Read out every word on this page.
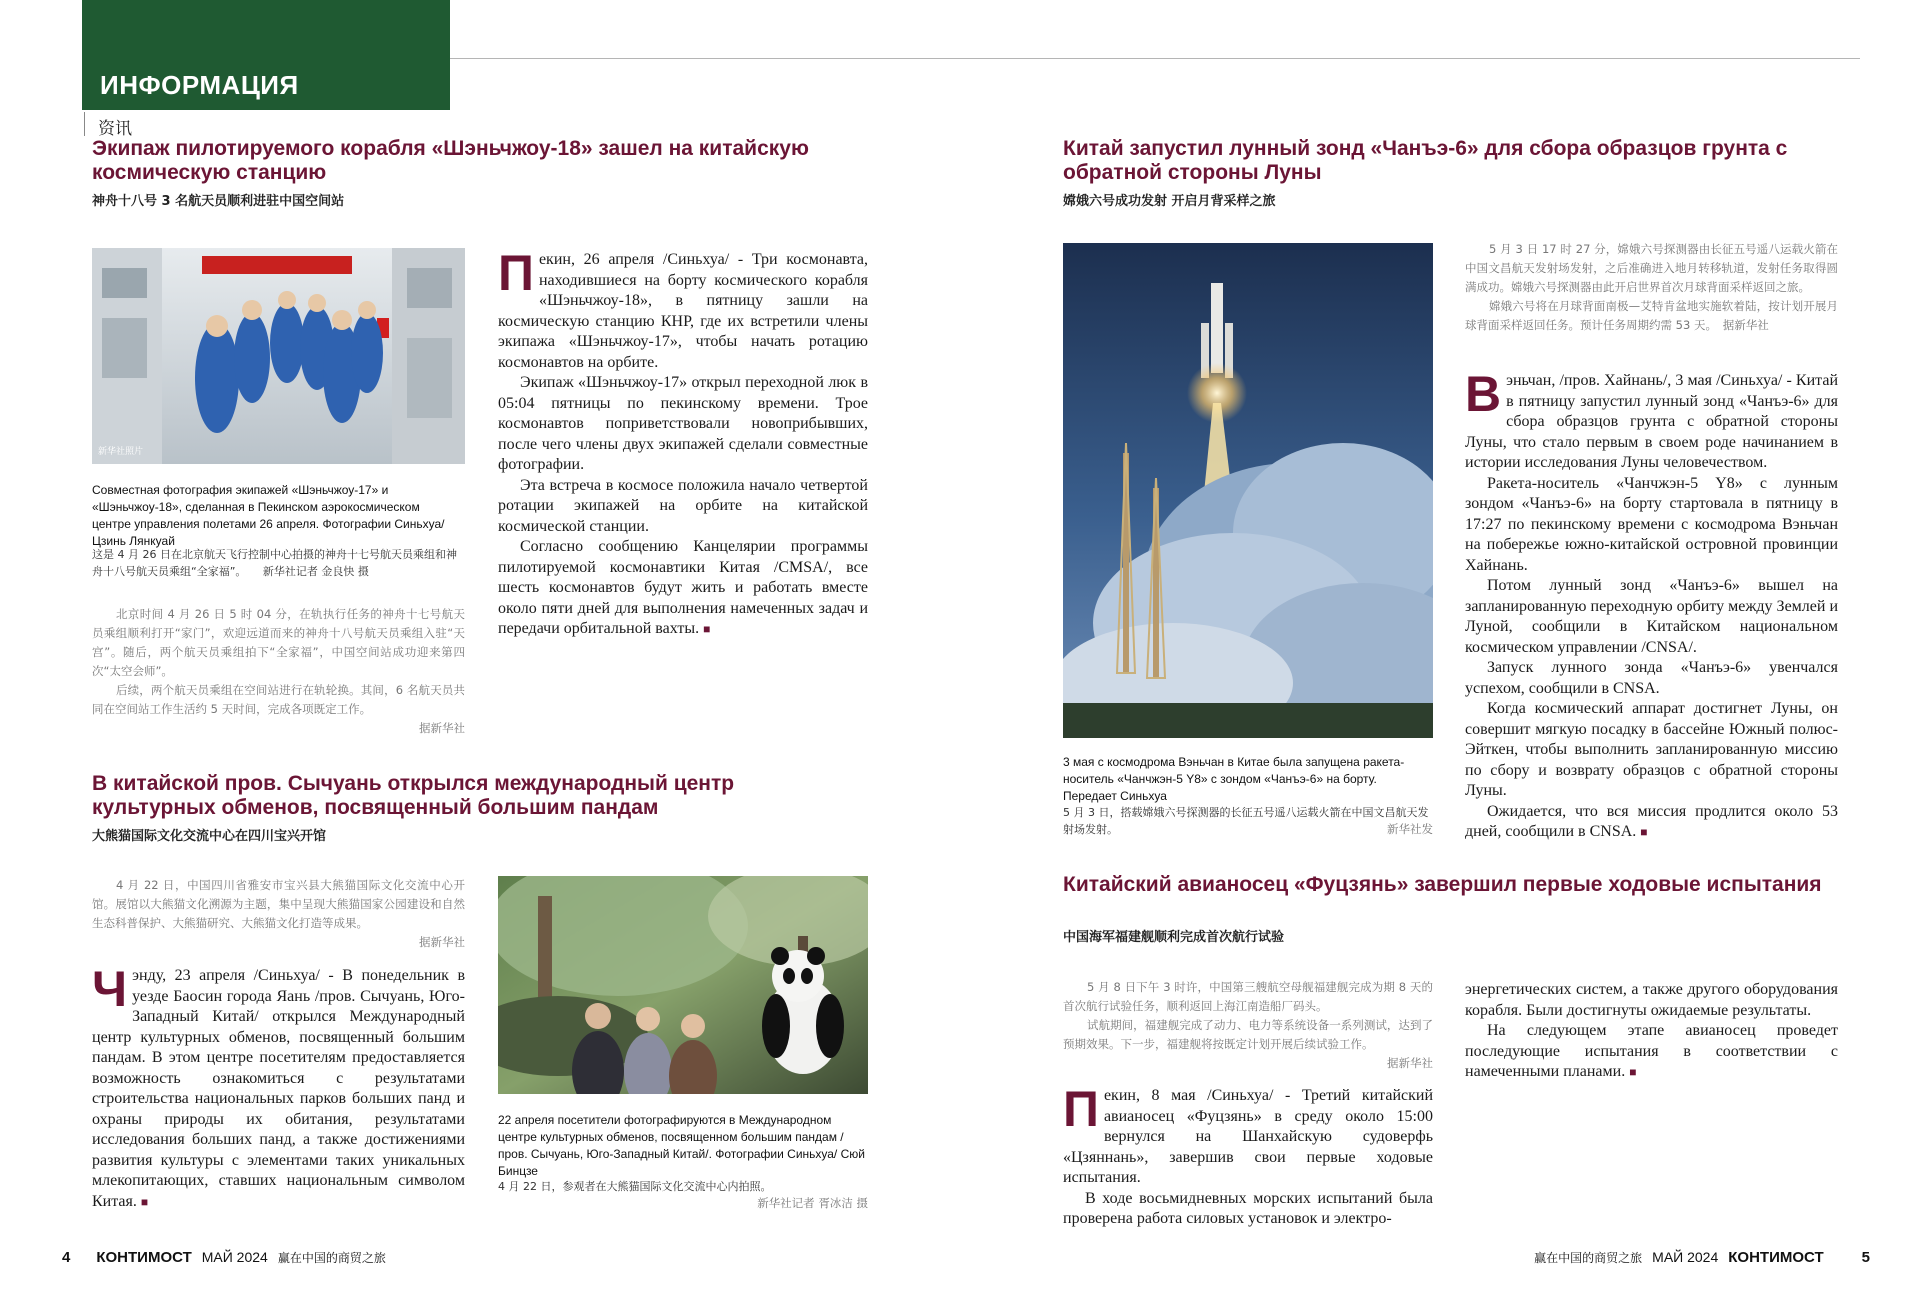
ИНФОРМАЦИЯ
资讯
Экипаж пилотируемого корабля «Шэньчжоу-18» зашел на китайскую космическую станцию
神舟十八号 3 名航天员顺利进驻中国空间站
新华社照片
Совместная фотография экипажей «Шэньчжоу-17» и «Шэньчжоу-18», сделанная в Пекинском аэрокосмическом центре управления полетами 26 апреля. Фотографии Синьхуа/ Цзинь Лянкуай
这是 4 月 26 日在北京航天飞行控制中心拍摄的神舟十七号航天员乘组和神舟十八号航天员乘组“全家福”。　　新华社记者 金良快 摄

北京时间 4 月 26 日 5 时 04 分，在轨执行任务的神舟十七号航天员乘组顺利打开“家门”，欢迎远道而来的神舟十八号航天员乘组入驻“天宫”。随后，两个航天员乘组拍下“全家福”，中国空间站成功迎来第四次“太空会师”。

后续，两个航天员乘组在空间站进行在轨轮换。其间，6 名航天员共同在空间站工作生活约 5 天时间，完成各项既定工作。

据新华社

Пекин, 26 апреля /Синьхуа/ - Три космонавта, находившиеся на борту космического корабля «Шэньчжоу-18», в пятницу зашли на космическую станцию КНР, где их встретили члены экипажа «Шэньчжоу-17», чтобы начать ротацию космонавтов на орбите.

Экипаж «Шэньчжоу-17» открыл переходной люк в 05:04 пятницы по пекинскому времени. Трое космонавтов поприветствовали новоприбывших, после чего члены двух экипажей сделали совместные фотографии.

Эта встреча в космосе положила начало четвертой ротации экипажей на орбите на китайской космической станции.

Согласно сообщению Канцелярии программы пилотируемой космонавтики Китая /CMSA/, все шесть космонавтов будут жить и работать вместе около пяти дней для выполнения намеченных задач и передачи орбитальной вахты. ■

В китайской пров. Сычуань открылся международный центр культурных обменов, посвященный большим пандам
大熊猫国际文化交流中心在四川宝兴开馆

4 月 22 日，中国四川省雅安市宝兴县大熊猫国际文化交流中心开馆。展馆以大熊猫文化溯源为主题，集中呈现大熊猫国家公园建设和自然生态科普保护、大熊猫研究、大熊猫文化打造等成果。

据新华社

Чэнду, 23 апреля /Синьхуа/ - В понедельник в уезде Баосин города Яань /пров. Сычуань, Юго-Западный Китай/ открылся Международный центр культурных обменов, посвященный большим пандам. В этом центре посетителям предоставляется возможность ознакомиться с результатами строительства национальных парков больших панд и охраны природы их обитания, результатами исследования больших панд, а также достижениями развития культуры с элементами таких уникальных млекопитающих, ставших национальным символом Китая. ■

22 апреля посетители фотографируются в Международном центре культурных обменов, посвященном большим пандам /пров. Сычуань, Юго-Западный Китай/. Фотографии Синьхуа/ Сюй Бинцзе
4 月 22 日，参观者在大熊猫国际文化交流中心内拍照。
新华社记者 胥冰洁 摄
Китай запустил лунный зонд «Чанъэ-6» для сбора образцов грунта с обратной стороны Луны
嫦娥六号成功发射 开启月背采样之旅
3 мая с космодрома Вэньчан в Китае была запущена ракета-носитель «Чанчжэн-5 Y8» с зондом «Чанъэ-6» на борту. Передает Синьхуа
5 月 3 日，搭载嫦娥六号探测器的长征五号遥八运载火箭在中国文昌航天发射场发射。	新华社发

5 月 3 日 17 时 27 分，嫦娥六号探测器由长征五号遥八运载火箭在中国文昌航天发射场发射，之后准确进入地月转移轨道，发射任务取得圆满成功。嫦娥六号探测器由此开启世界首次月球背面采样返回之旅。

嫦娥六号将在月球背面南极—艾特肯盆地实施软着陆，按计划开展月球背面采样返回任务。预计任务周期约需 53 天。　据新华社

Вэньчан, /пров. Хайнань/, 3 мая /Синьхуа/ - Китай в пятницу запустил лунный зонд «Чанъэ-6» для сбора образцов грунта с обратной стороны Луны, что стало первым в своем роде начинанием в истории исследования Луны человечеством.

Ракета-носитель «Чанчжэн-5 Y8» с лунным зондом «Чанъэ-6» на борту стартовала в пятницу в 17:27 по пекинскому времени с космодрома Вэньчан на побережье южно-китайской островной провинции Хайнань.

Потом лунный зонд «Чанъэ-6» вышел на запланированную переходную орбиту между Землей и Луной, сообщили в Китайском национальном космическом управлении /CNSA/.

Запуск лунного зонда «Чанъэ-6» увенчался успехом, сообщили в CNSA.

Когда космический аппарат достигнет Луны, он совершит мягкую посадку в бассейне Южный полюс-Эйткен, чтобы выполнить запланированную миссию по сбору и возврату образцов с обратной стороны Луны.

Ожидается, что вся миссия продлится около 53 дней, сообщили в CNSA. ■

Китайский авианосец «Фуцзянь» завершил первые ходовые испытания
中国海军福建舰顺利完成首次航行试验

5 月 8 日下午 3 时许，中国第三艘航空母舰福建舰完成为期 8 天的首次航行试验任务，顺利返回上海江南造船厂码头。

试航期间，福建舰完成了动力、电力等系统设备一系列测试，达到了预期效果。下一步，福建舰将按既定计划开展后续试验工作。

据新华社

Пекин, 8 мая /Синьхуа/ - Третий китайский авианосец «Фуцзянь» в среду около 15:00 вернулся на Шанхайскую судоверфь «Цзяннань», завершив свои первые ходовые испытания.

В ходе восьмидневных морских испытаний была проверена работа силовых установок и электро-

энергетических систем, а также другого оборудования корабля. Были достигнуты ожидаемые результаты.

На следующем этапе авианосец проведет последующие испытания в соответствии с намеченными планами. ■

4 КОНТИМОСТ МАЙ 2024 赢在中国的商贸之旅	赢在中国的商贸之旅 МАЙ 2024 КОНТИМОСТ	5
